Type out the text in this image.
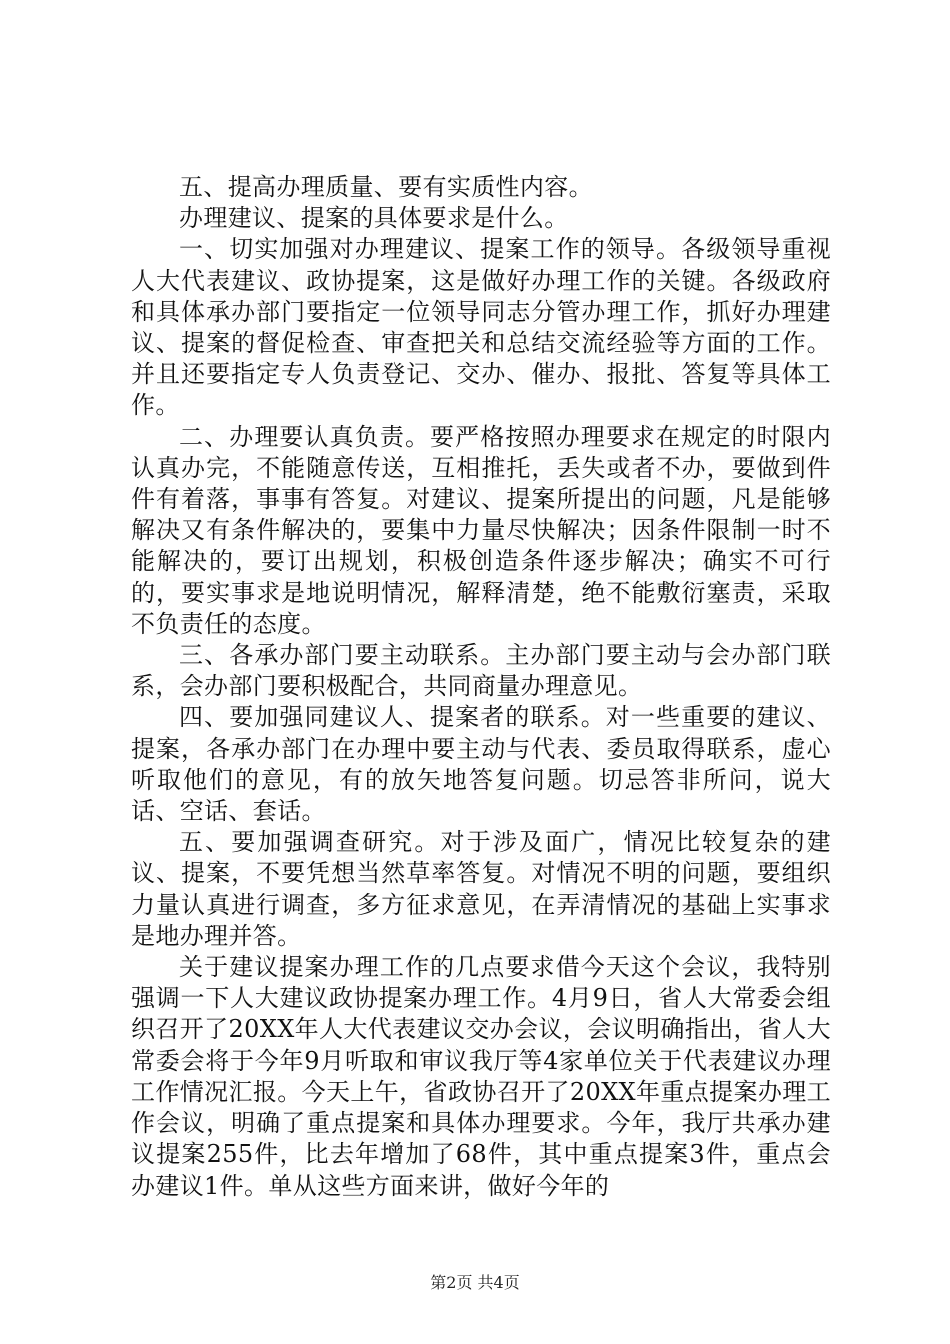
五、提高办理质量、要有实质性内容。

办理建议、提案的具体要求是什么。

一、切实加强对办理建议、提案工作的领导。各级领导重视人大代表建议、政协提案，这是做好办理工作的关键。各级政府和具体承办部门要指定一位领导同志分管办理工作，抓好办理建议、提案的督促检查、审查把关和总结交流经验等方面的工作。并且还要指定专人负责登记、交办、催办、报批、答复等具体工作。

二、办理要认真负责。要严格按照办理要求在规定的时限内认真办完，不能随意传送，互相推托，丢失或者不办，要做到件件有着落，事事有答复。对建议、提案所提出的问题，凡是能够解决又有条件解决的，要集中力量尽快解决；因条件限制一时不能解决的，要订出规划，积极创造条件逐步解决；确实不可行的，要实事求是地说明情况，解释清楚，绝不能敷衍塞责，采取不负责任的态度。

三、各承办部门要主动联系。主办部门要主动与会办部门联系，会办部门要积极配合，共同商量办理意见。

四、要加强同建议人、提案者的联系。对一些重要的建议、提案，各承办部门在办理中要主动与代表、委员取得联系，虚心听取他们的意见，有的放矢地答复问题。切忌答非所问，说大话、空话、套话。

五、要加强调查研究。对于涉及面广，情况比较复杂的建议、提案，不要凭想当然草率答复。对情况不明的问题，要组织力量认真进行调查，多方征求意见，在弄清情况的基础上实事求是地办理并答。

关于建议提案办理工作的几点要求借今天这个会议，我特别强调一下人大建议政协提案办理工作。4月9日，省人大常委会组织召开了20XX年人大代表建议交办会议，会议明确指出，省人大常委会将于今年9月听取和审议我厅等4家单位关于代表建议办理工作情况汇报。今天上午，省政协召开了20XX年重点提案办理工作会议，明确了重点提案和具体办理要求。今年，我厅共承办建议提案255件，比去年增加了68件，其中重点提案3件，重点会办建议1件。单从这些方面来讲，做好今年的

第2页 共4页
